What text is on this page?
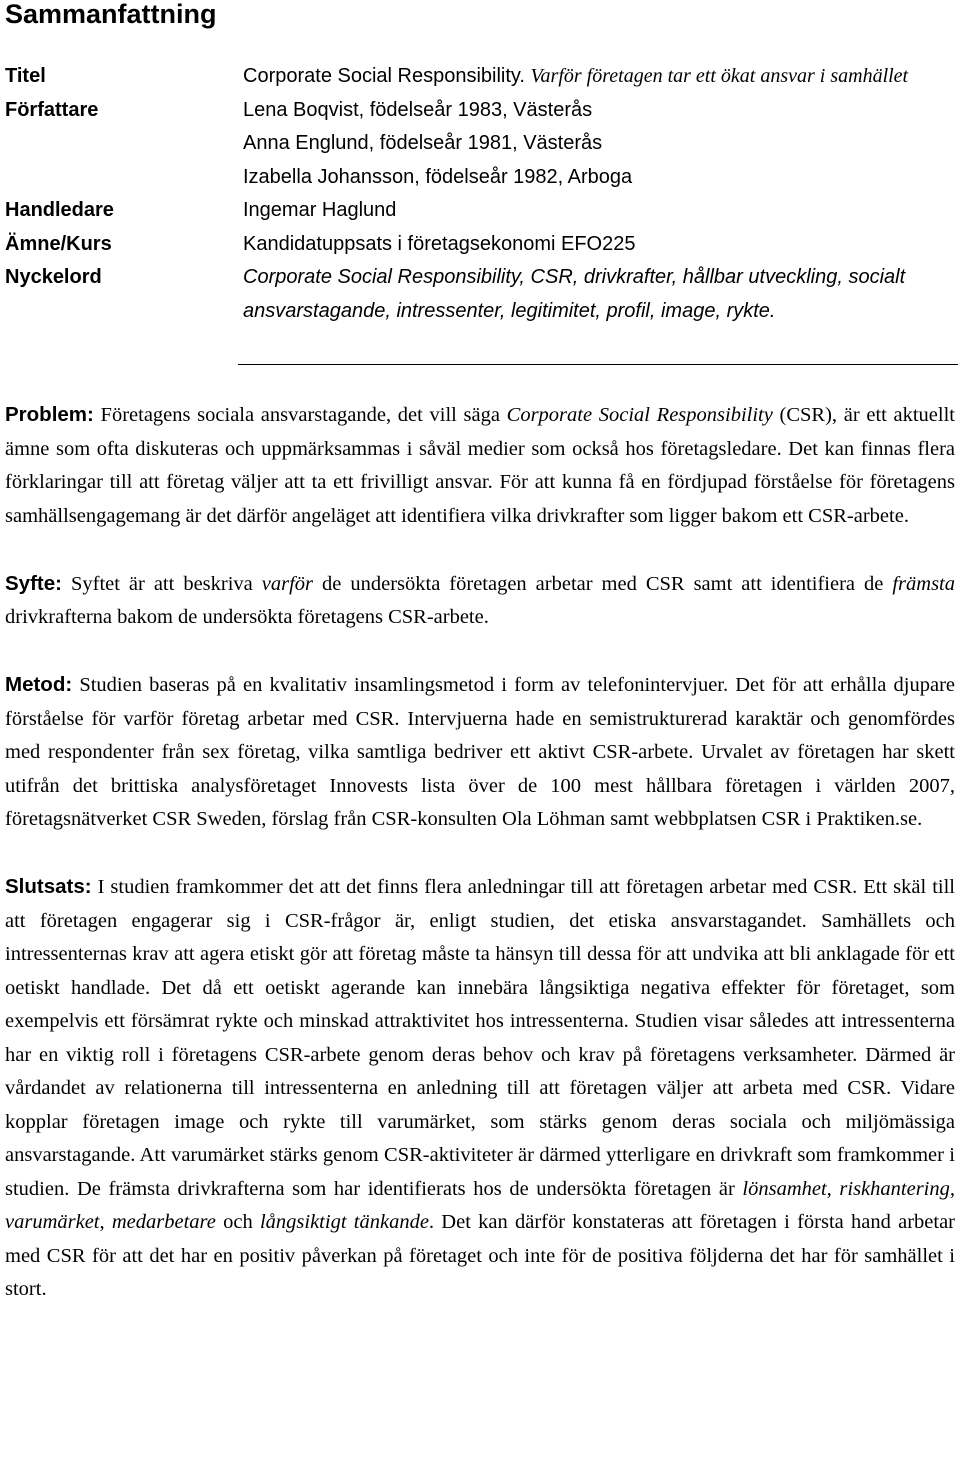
Sammanfattning
Titel	Corporate Social Responsibility. Varför företagen tar ett ökat ansvar i samhället
Författare	Lena Boqvist, födelseår 1983, Västerås
Anna Englund, födelseår 1981, Västerås
Izabella Johansson, födelseår 1982, Arboga
Handledare	Ingemar Haglund
Ämne/Kurs	Kandidatuppsats i företagsekonomi EFO225
Nyckelord	Corporate Social Responsibility, CSR, drivkrafter, hållbar utveckling, socialt ansvarstagande, intressenter, legitimitet, profil, image, rykte.

Problem: Företagens sociala ansvarstagande, det vill säga Corporate Social Responsibility (CSR), är ett aktuellt ämne som ofta diskuteras och uppmärksammas i såväl medier som också hos företagsledare. Det kan finnas flera förklaringar till att företag väljer att ta ett frivilligt ansvar. För att kunna få en fördjupad förståelse för företagens samhällsengagemang är det därför angeläget att identifiera vilka drivkrafter som ligger bakom ett CSR-arbete.

Syfte: Syftet är att beskriva varför de undersökta företagen arbetar med CSR samt att identifiera de främsta drivkrafterna bakom de undersökta företagens CSR-arbete.

Metod: Studien baseras på en kvalitativ insamlingsmetod i form av telefonintervjuer. Det för att erhålla djupare förståelse för varför företag arbetar med CSR. Intervjuerna hade en semistrukturerad karaktär och genomfördes med respondenter från sex företag, vilka samtliga bedriver ett aktivt CSR-arbete. Urvalet av företagen har skett utifrån det brittiska analysföretaget Innovests lista över de 100 mest hållbara företagen i världen 2007, företagsnätverket CSR Sweden, förslag från CSR-konsulten Ola Löhman samt webbplatsen CSR i Praktiken.se.

Slutsats: I studien framkommer det att det finns flera anledningar till att företagen arbetar med CSR. Ett skäl till att företagen engagerar sig i CSR-frågor är, enligt studien, det etiska ansvarstagandet. Samhällets och intressenternas krav att agera etiskt gör att företag måste ta hänsyn till dessa för att undvika att bli anklagade för ett oetiskt handlade. Det då ett oetiskt agerande kan innebära långsiktiga negativa effekter för företaget, som exempelvis ett försämrat rykte och minskad attraktivitet hos intressenterna. Studien visar således att intressenterna har en viktig roll i företagens CSR-arbete genom deras behov och krav på företagens verksamheter. Därmed är vårdandet av relationerna till intressenterna en anledning till att företagen väljer att arbeta med CSR. Vidare kopplar företagen image och rykte till varumärket, som stärks genom deras sociala och miljömässiga ansvarstagande. Att varumärket stärks genom CSR-aktiviteter är därmed ytterligare en drivkraft som framkommer i studien. De främsta drivkrafterna som har identifierats hos de undersökta företagen är lönsamhet, riskhantering, varumärket, medarbetare och långsiktigt tänkande. Det kan därför konstateras att företagen i första hand arbetar med CSR för att det har en positiv påverkan på företaget och inte för de positiva följderna det har för samhället i stort.
